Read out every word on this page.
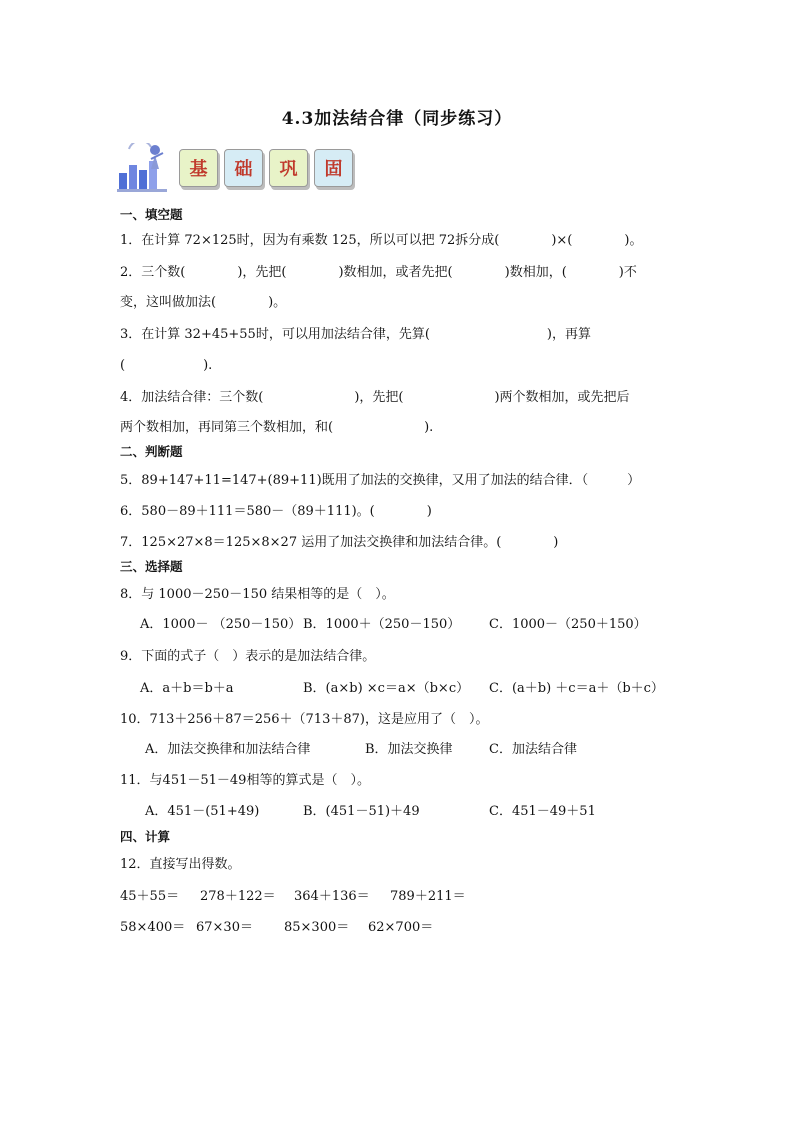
4.3加法结合律（同步练习）
基	础	巩	固
一、填空题
1．在计算 72×125时，因为有乘数 125，所以可以把 72拆分成(　　　　)×(　　　　)。
2．三个数(　　　　)，先把(　　　　)数相加，或者先把(　　　　)数相加，(　　　　)不
变，这叫做加法(　　　　)。
3．在计算 32+45+55时，可以用加法结合律，先算(　　　　　　　　　)，再算
(　　　　　　).
4．加法结合律：三个数(　　　　　　　)，先把(　　　　　　　)两个数相加，或先把后
两个数相加，再同第三个数相加，和(　　　　　　　).
二、判断题
5．89+147+11=147+(89+11)既用了加法的交换律，又用了加法的结合律．（　　　）
6．580－89＋111＝580－（89＋111)。(　　　　)
7．125×27×8＝125×8×27 运用了加法交换律和加法结合律。(　　　　)
三、选择题
8．与 1000－250－150 结果相等的是（　）。
A．1000－ （250－150） B．1000＋（250－150） C．1000－（250＋150）
9．下面的式子（　）表示的是加法结合律。
A．a＋b＝b＋a	B．(a×b) ×c＝a×（b×c） C．(a＋b) ＋c＝a＋（b＋c）
10．713＋256＋87＝256＋（713＋87)，这是应用了（　）。
A．加法交换律和加法结合律	B．加法交换律	C．加法结合律
11．与451－51－49相等的算式是（　）。
A．451－(51+49)	B．(451－51)＋49	C．451－49＋51
四、计算
12．直接写出得数。
45＋55＝ 278＋122＝ 364＋136＝ 789＋211＝
58×400＝ 67×30＝ 85×300＝ 62×700＝
